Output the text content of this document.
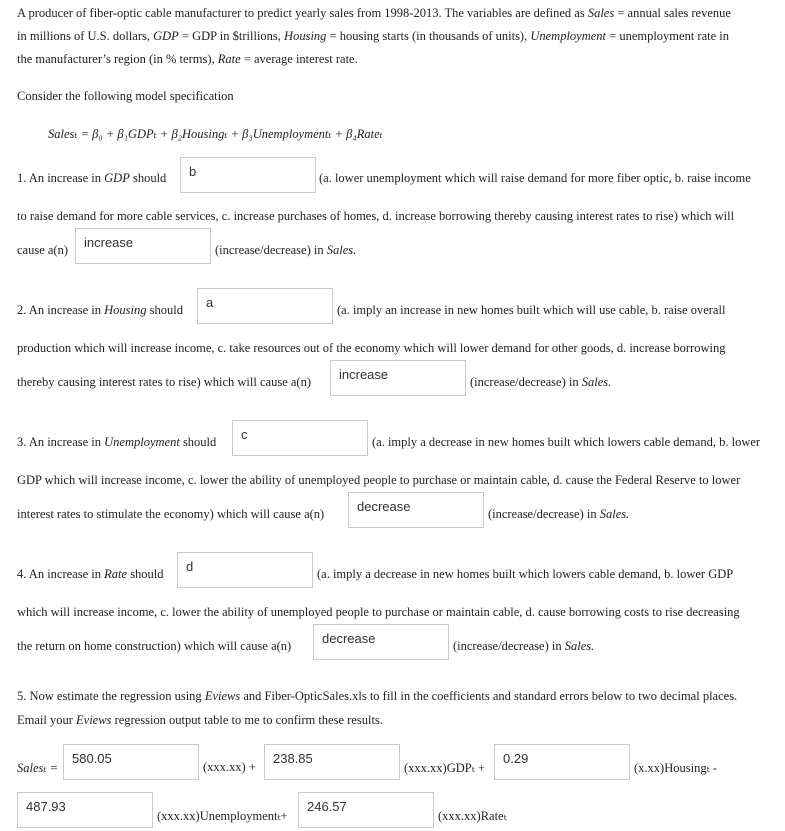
A producer of fiber-optic cable manufacturer to predict yearly sales from 1998-2013. The variables are defined as Sales = annual sales revenue
in millions of U.S. dollars, GDP = GDP in $trillions, Housing = housing starts (in thousands of units), Unemployment = unemployment rate in
the manufacturer’s region (in % terms), Rate = average interest rate.
Consider the following model specification
Salesₜ = β₀ + β₁GDPₜ + β₂Housingₜ + β₃Unemploymentₜ + β₄Rateₜ
1. An increase in GDP should b	(a. lower unemployment which will raise demand for more fiber optic, b. raise income
to raise demand for more cable services, c. increase purchases of homes, d. increase borrowing thereby causing interest rates to rise) which will
cause a(n) increase	(increase/decrease) in Sales.
2. An increase in Housing should a	(a. imply an increase in new homes built which will use cable, b. raise overall
production which will increase income, c. take resources out of the economy which will lower demand for other goods, d. increase borrowing
thereby causing interest rates to rise) which will cause a(n) increase	(increase/decrease) in Sales.
3. An increase in Unemployment should c	(a. imply a decrease in new homes built which lowers cable demand, b. lower
GDP which will increase income, c. lower the ability of unemployed people to purchase or maintain cable, d. cause the Federal Reserve to lower
interest rates to stimulate the economy) which will cause a(n)	decrease	(increase/decrease) in Sales.
4. An increase in Rate should d	(a. imply a decrease in new homes built which lowers cable demand, b. lower GDP
which will increase income, c. lower the ability of unemployed people to purchase or maintain cable, d. cause borrowing costs to rise decreasing
the return on home construction) which will cause a(n) decrease	(increase/decrease) in Sales.
5. Now estimate the regression using Eviews and Fiber-OpticSales.xls to fill in the coefficients and standard errors below to two decimal places.
Email your Eviews regression output table to me to confirm these results.
Salesₜ =
580.05
(xxx.xx) +
238.85
(xxx.xx)GDPₜ +
0.29
(x.xx)Housingₜ -
487.93
(xxx.xx)Unemploymentₜ+
246.57
(xxx.xx)Rateₜ
